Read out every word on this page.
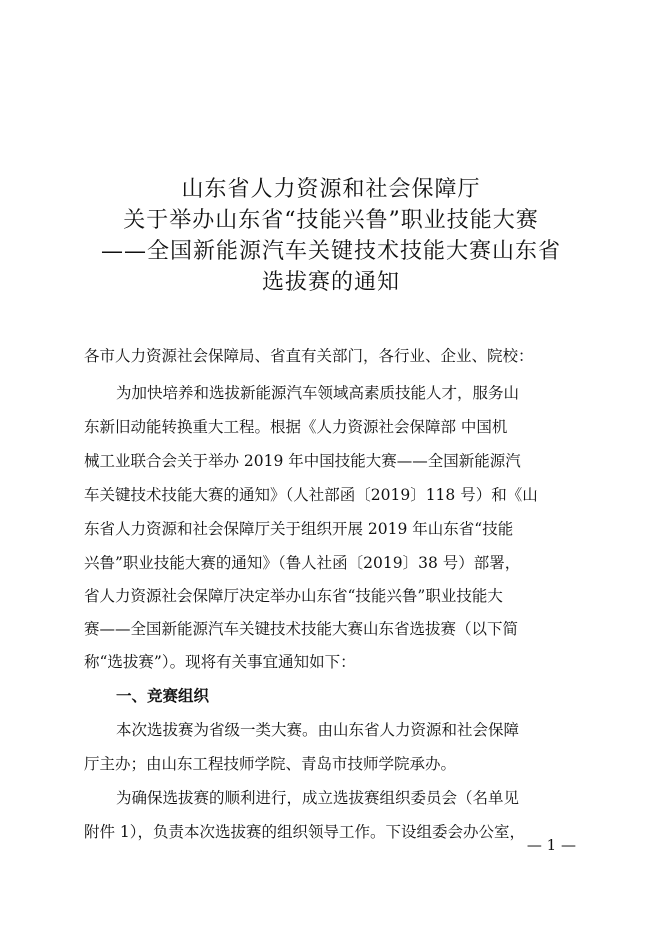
山东省人力资源和社会保障厅
关于举办山东省“技能兴鲁”职业技能大赛
——全国新能源汽车关键技术技能大赛山东省
选拔赛的通知
各市人力资源社会保障局、省直有关部门，各行业、企业、院校：
为加快培养和选拔新能源汽车领域高素质技能人才，服务山
东新旧动能转换重大工程。根据《人力资源社会保障部 中国机
械工业联合会关于举办 2019 年中国技能大赛——全国新能源汽
车关键技术技能大赛的通知》（人社部函〔2019〕118 号）和《山
东省人力资源和社会保障厅关于组织开展 2019 年山东省“技能
兴鲁”职业技能大赛的通知》（鲁人社函〔2019〕38 号）部署，
省人力资源社会保障厅决定举办山东省“技能兴鲁”职业技能大
赛——全国新能源汽车关键技术技能大赛山东省选拔赛（以下简
称“选拔赛”）。现将有关事宜通知如下：
一、竞赛组织
本次选拔赛为省级一类大赛。由山东省人力资源和社会保障
厅主办；由山东工程技师学院、青岛市技师学院承办。
为确保选拔赛的顺利进行，成立选拔赛组织委员会（名单见
附件 1），负责本次选拔赛的组织领导工作。下设组委会办公室，
— 1 —
